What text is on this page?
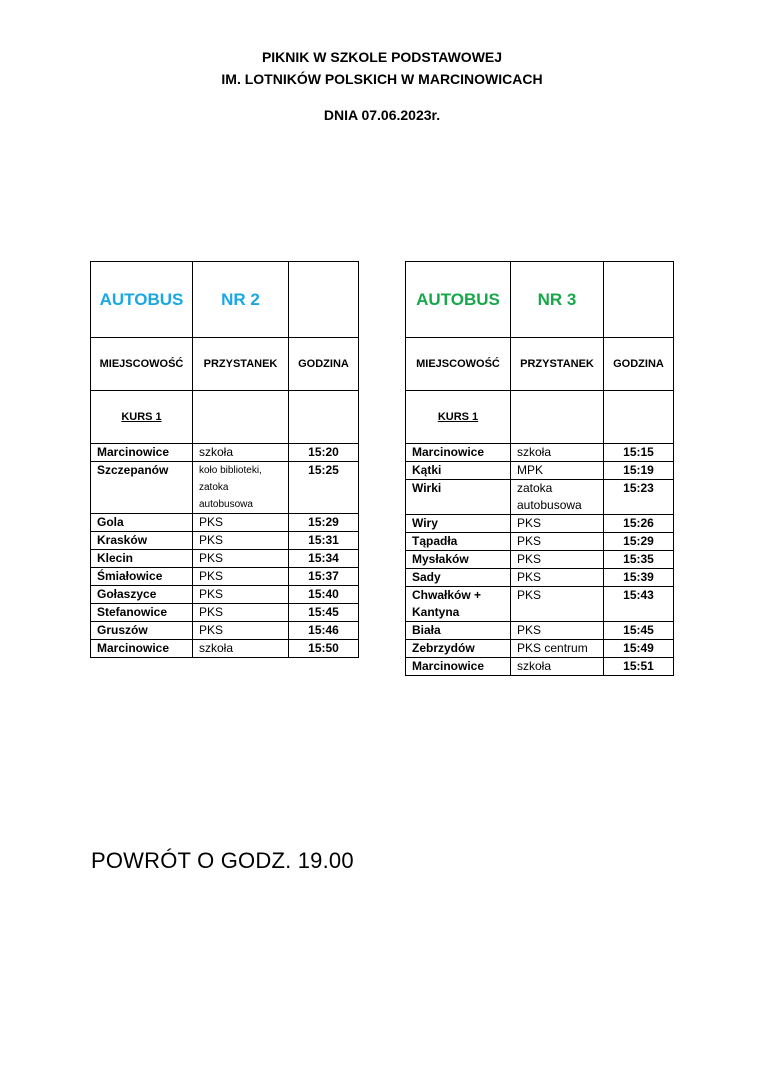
PIKNIK W SZKOLE PODSTAWOWEJ
IM. LOTNIKÓW POLSKICH W MARCINOWICACH
DNIA 07.06.2023r.
AUTOBUS	NR 2	
MIEJSCOWOŚĆ	PRZYSTANEK	GODZINA
KURS 1		
Marcinowice	szkoła	15:20
Szczepanów	koło biblioteki, zatoka autobusowa	15:25
Gola	PKS	15:29
Krasków	PKS	15:31
Klecin	PKS	15:34
Śmiałowice	PKS	15:37
Gołaszyce	PKS	15:40
Stefanowice	PKS	15:45
Gruszów	PKS	15:46
Marcinowice	szkoła	15:50
AUTOBUS	NR 3	
MIEJSCOWOŚĆ	PRZYSTANEK	GODZINA
KURS 1		
Marcinowice	szkoła	15:15
Kątki	MPK	15:19
Wirki	zatoka autobusowa	15:23
Wiry	PKS	15:26
Tąpadła	PKS	15:29
Mysłaków	PKS	15:35
Sady	PKS	15:39
Chwałków + Kantyna	PKS	15:43
Biała	PKS	15:45
Zebrzydów	PKS centrum	15:49
Marcinowice	szkoła	15:51
POWRÓT O GODZ. 19.00
